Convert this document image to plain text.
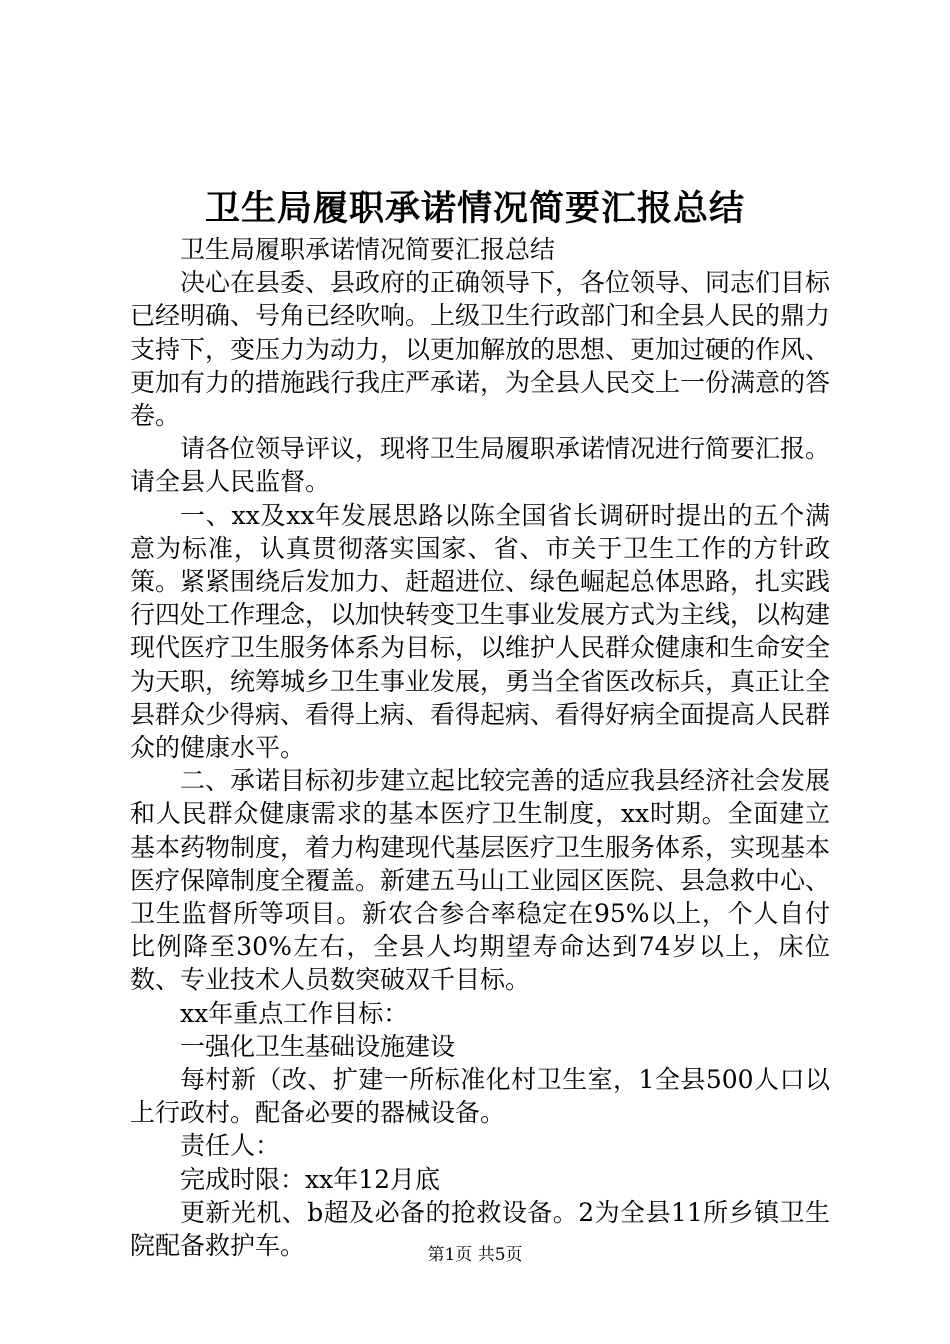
卫生局履职承诺情况简要汇报总结

卫生局履职承诺情况简要汇报总结

决心在县委、县政府的正确领导下，各位领导、同志们目标已经明确、号角已经吹响。上级卫生行政部门和全县人民的鼎力支持下，变压力为动力，以更加解放的思想、更加过硬的作风、更加有力的措施践行我庄严承诺，为全县人民交上一份满意的答卷。

请各位领导评议，现将卫生局履职承诺情况进行简要汇报。请全县人民监督。

一、xx及xx年发展思路以陈全国省长调研时提出的五个满意为标准，认真贯彻落实国家、省、市关于卫生工作的方针政策。紧紧围绕后发加力、赶超进位、绿色崛起总体思路，扎实践行四处工作理念，以加快转变卫生事业发展方式为主线，以构建现代医疗卫生服务体系为目标，以维护人民群众健康和生命安全为天职，统筹城乡卫生事业发展，勇当全省医改标兵，真正让全县群众少得病、看得上病、看得起病、看得好病全面提高人民群众的健康水平。

二、承诺目标初步建立起比较完善的适应我县经济社会发展和人民群众健康需求的基本医疗卫生制度，xx时期。全面建立基本药物制度，着力构建现代基层医疗卫生服务体系，实现基本医疗保障制度全覆盖。新建五马山工业园区医院、县急救中心、卫生监督所等项目。新农合参合率稳定在95%以上，个人自付比例降至30%左右，全县人均期望寿命达到74岁以上，床位数、专业技术人员数突破双千目标。

xx年重点工作目标：

一强化卫生基础设施建设

每村新（改、扩建一所标准化村卫生室，1全县500人口以上行政村。配备必要的器械设备。

责任人：

完成时限：xx年12月底

更新光机、b超及必备的抢救设备。2为全县11所乡镇卫生院配备救护车。	第1页 共5页
